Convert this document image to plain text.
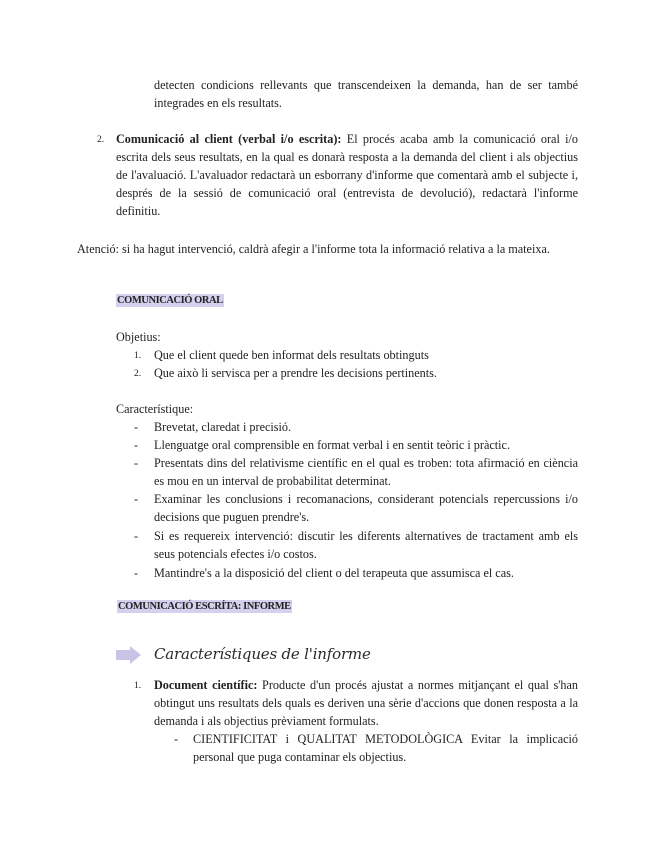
detecten condicions rellevants que transcendeixen la demanda, han de ser també integrades en els resultats.
2. Comunicació al client (verbal i/o escrita): El procés acaba amb la comunicació oral i/o escrita dels seus resultats, en la qual es donarà resposta a la demanda del client i als objectius de l'avaluació. L'avaluador redactarà un esborrany d'informe que comentarà amb el subjecte i, després de la sessió de comunicació oral (entrevista de devolució), redactarà l'informe definitiu.
Atenció: si ha hagut intervenció, caldrà afegir a l'informe tota la informació relativa a la mateixa.
COMUNICACIÓ ORAL
Objetius:
1. Que el client quede ben informat dels resultats obtinguts
2. Que això li servisca per a prendre les decisions pertinents.
Característique:
- Brevetat, claredat i precisió.
- Llenguatge oral comprensible en format verbal i en sentit teòric i pràctic.
- Presentats dins del relativisme científic en el qual es troben: tota afirmació en ciència es mou en un interval de probabilitat determinat.
- Examinar les conclusions i recomanacions, considerant potencials repercussions i/o decisions que puguen prendre's.
- Si es requereix intervenció: discutir les diferents alternatives de tractament amb els seus potencials efectes i/o costos.
- Mantindre's a la disposició del client o del terapeuta que assumisca el cas.
COMUNICACIÓ ESCRÍTA: INFORME
Característiques de l'informe
1. Document científic: Producte d'un procés ajustat a normes mitjançant el qual s'han obtingut uns resultats dels quals es deriven una sèrie d'accions que donen resposta a la demanda i als objectius prèviament formulats.
- CIENTIFICITAT i QUALITAT METODOLÒGICA Evitar la implicació personal que puga contaminar els objectius.
